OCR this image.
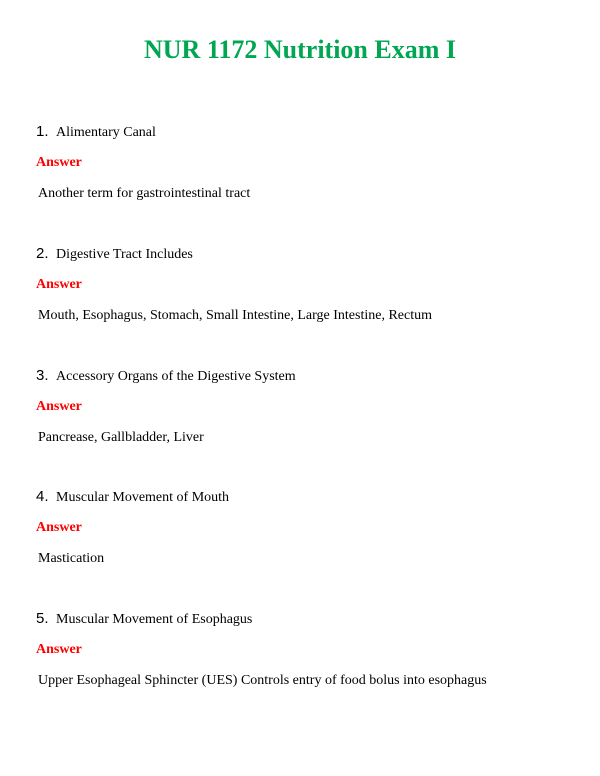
NUR 1172 Nutrition Exam I
1. Alimentary Canal
Answer
Another term for gastrointestinal tract
2. Digestive Tract Includes
Answer
Mouth, Esophagus, Stomach, Small Intestine, Large Intestine, Rectum
3. Accessory Organs of the Digestive System
Answer
Pancrease, Gallbladder, Liver
4. Muscular Movement of Mouth
Answer
Mastication
5. Muscular Movement of Esophagus
Answer
Upper Esophageal Sphincter (UES) Controls entry of food bolus into esophagus
